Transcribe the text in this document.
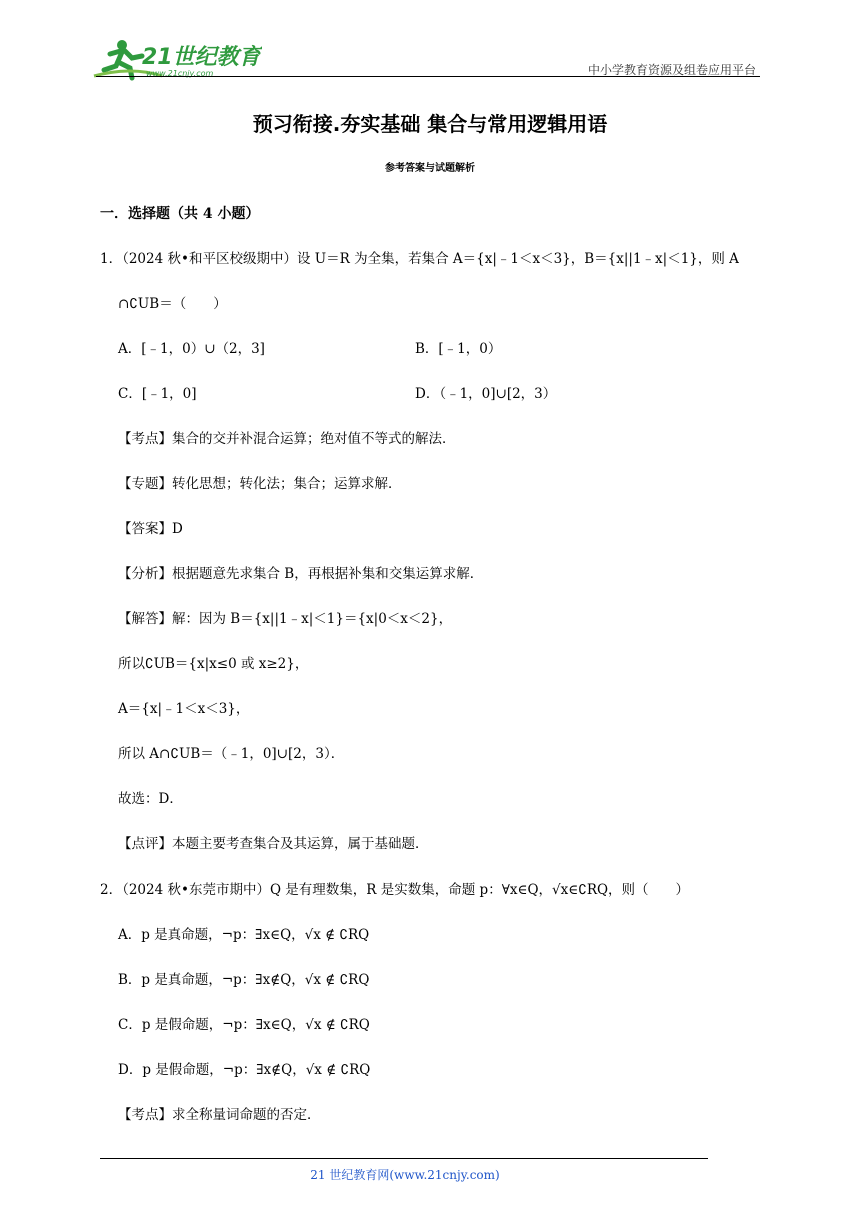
21世纪教育
www.21cnjy.com	中小学教育资源及组卷应用平台
预习衔接.夯实基础 集合与常用逻辑用语
参考答案与试题解析
一．选择题（共 4 小题）
1．（2024 秋•和平区校级期中）设 U＝R 为全集，若集合 A＝{x|﹣1＜x＜3}，B＝{x||1﹣x|＜1}，则 A
∩∁UB＝（　　）
A．[﹣1，0）∪（2，3]	B．[﹣1，0）
C．[﹣1，0]	D．（﹣1，0]∪[2，3）
【考点】集合的交并补混合运算；绝对值不等式的解法．
【专题】转化思想；转化法；集合；运算求解．
【答案】D
【分析】根据题意先求集合 B，再根据补集和交集运算求解．
【解答】解：因为 B＝{x||1﹣x|＜1}＝{x|0＜x＜2}，
所以∁UB＝{x|x≤0 或 x≥2}，
A＝{x|﹣1＜x＜3}，
所以 A∩∁UB＝（﹣1，0]∪[2，3）．
故选：D．
【点评】本题主要考查集合及其运算，属于基础题．
2．（2024 秋•东莞市期中）Q 是有理数集，R 是实数集，命题 p：∀x∈Q，√x∈∁RQ，则（　　）
A．p 是真命题，¬p：∃x∈Q，√x ∉ ∁RQ
B．p 是真命题，¬p：∃x∉Q，√x ∉ ∁RQ
C．p 是假命题，¬p：∃x∈Q，√x ∉ ∁RQ
D．p 是假命题，¬p：∃x∉Q，√x ∉ ∁RQ
【考点】求全称量词命题的否定．
21 世纪教育网(www.21cnjy.com)
